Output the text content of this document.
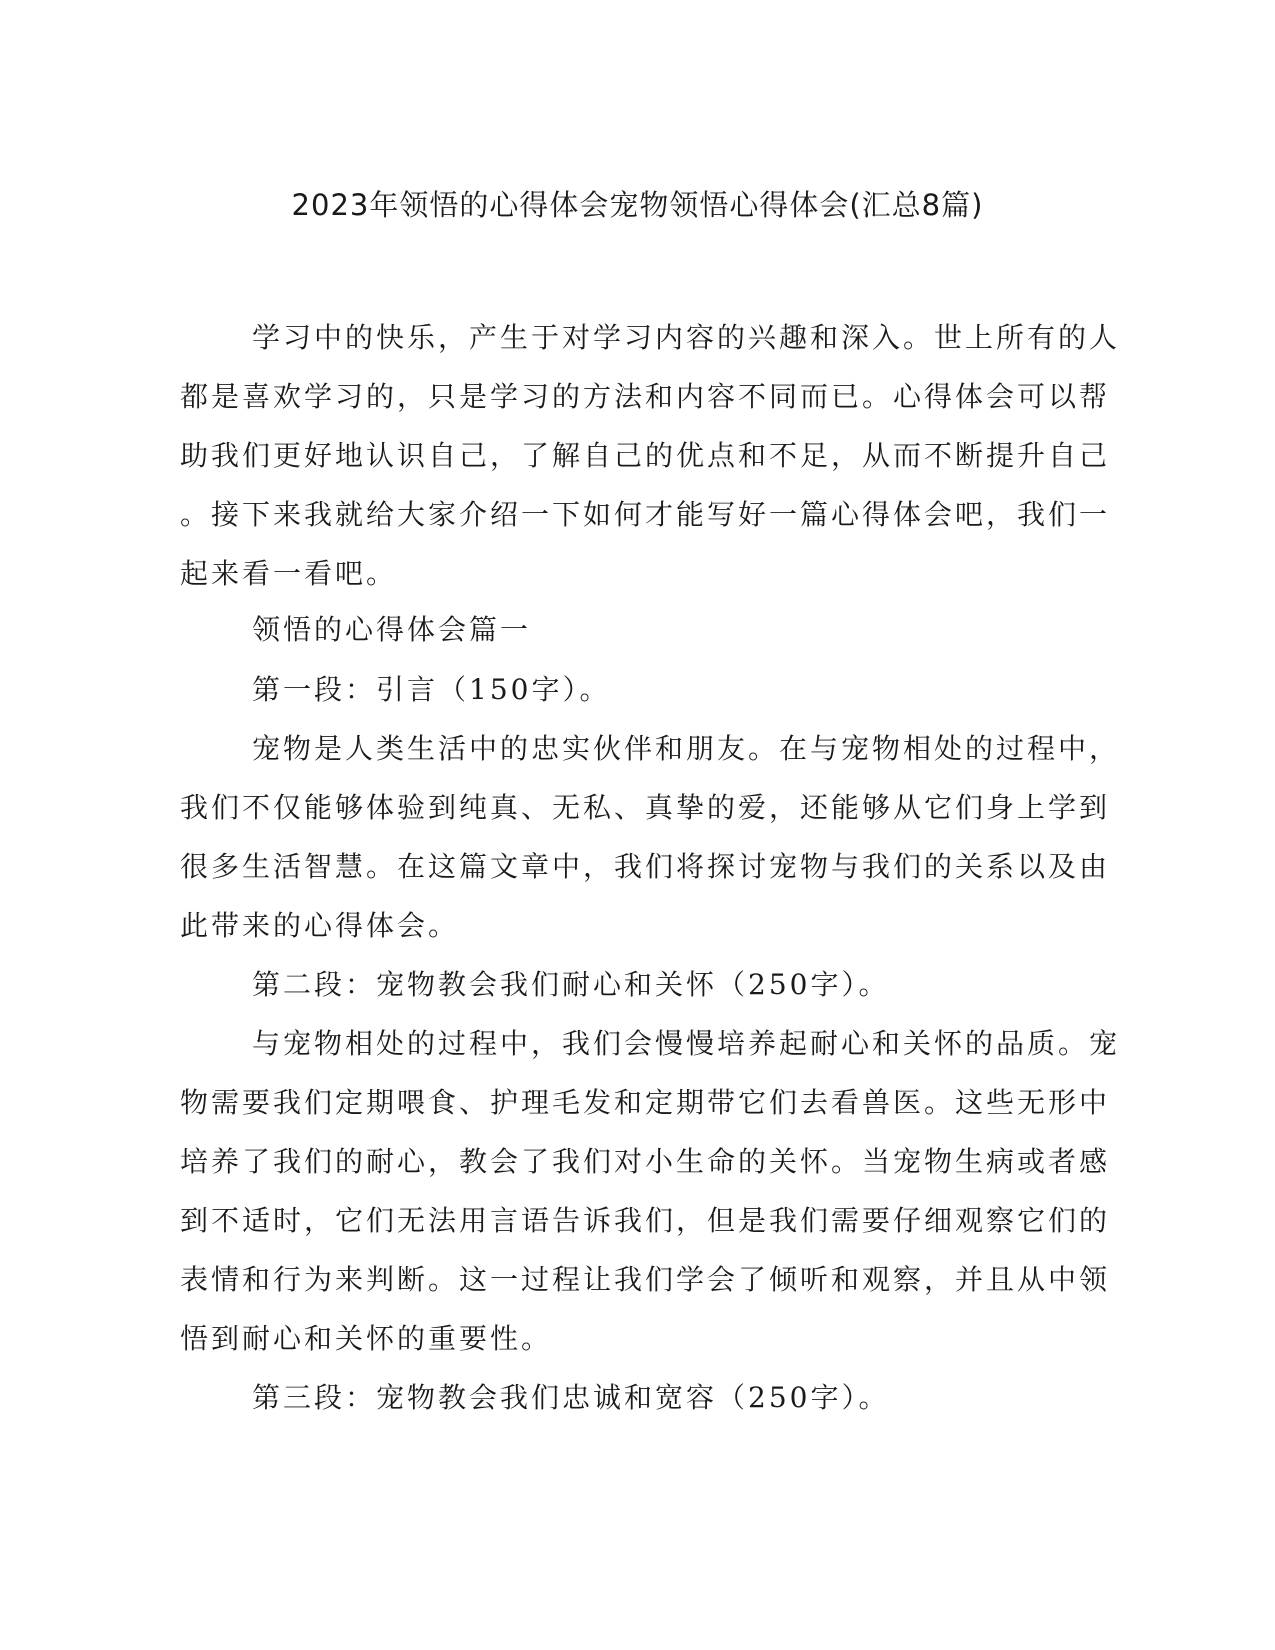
2023年领悟的心得体会宠物领悟心得体会(汇总8篇)
学习中的快乐，产生于对学习内容的兴趣和深入。世上所有的人
都是喜欢学习的，只是学习的方法和内容不同而已。心得体会可以帮
助我们更好地认识自己，了解自己的优点和不足，从而不断提升自己
。接下来我就给大家介绍一下如何才能写好一篇心得体会吧，我们一
起来看一看吧。
领悟的心得体会篇一
第一段：引言（150字）。
宠物是人类生活中的忠实伙伴和朋友。在与宠物相处的过程中，
我们不仅能够体验到纯真、无私、真挚的爱，还能够从它们身上学到
很多生活智慧。在这篇文章中，我们将探讨宠物与我们的关系以及由
此带来的心得体会。
第二段：宠物教会我们耐心和关怀（250字）。
与宠物相处的过程中，我们会慢慢培养起耐心和关怀的品质。宠
物需要我们定期喂食、护理毛发和定期带它们去看兽医。这些无形中
培养了我们的耐心，教会了我们对小生命的关怀。当宠物生病或者感
到不适时，它们无法用言语告诉我们，但是我们需要仔细观察它们的
表情和行为来判断。这一过程让我们学会了倾听和观察，并且从中领
悟到耐心和关怀的重要性。
第三段：宠物教会我们忠诚和宽容（250字）。
